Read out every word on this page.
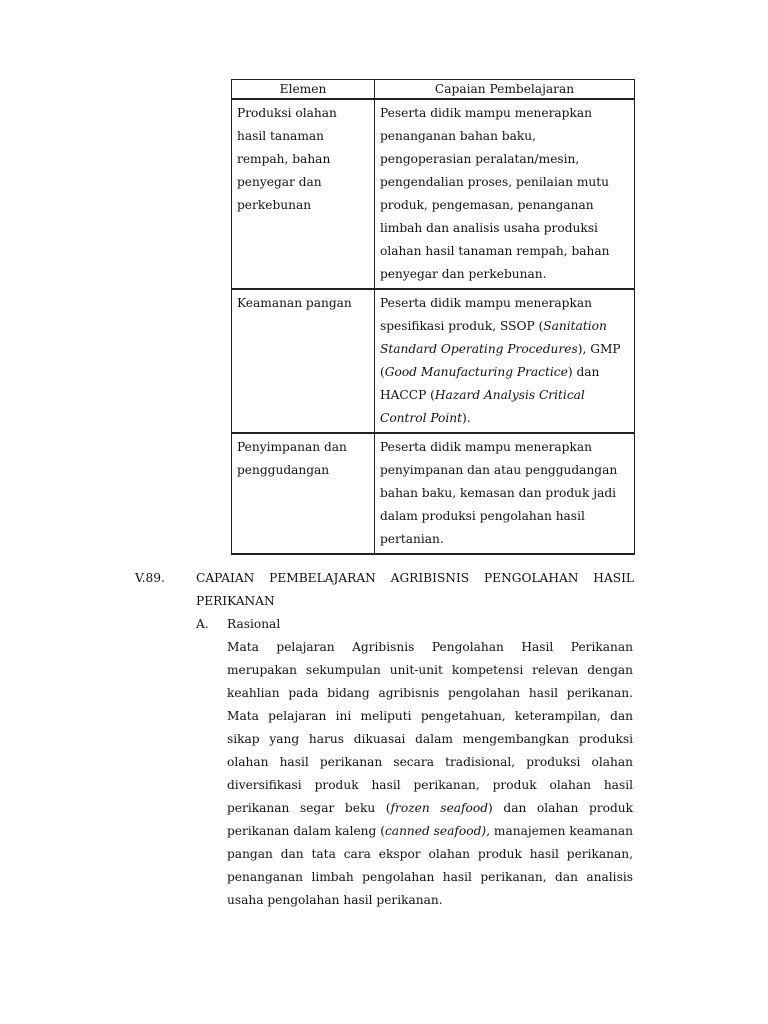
Elemen	Capaian Pembelajaran
Produksi olahan hasil tanaman rempah, bahan penyegar dan perkebunan	Peserta didik mampu menerapkan penanganan bahan baku, pengoperasian peralatan/mesin, pengendalian proses, penilaian mutu produk, pengemasan, penanganan limbah dan analisis usaha produksi olahan hasil tanaman rempah, bahan penyegar dan perkebunan.
Keamanan pangan	Peserta didik mampu menerapkan spesifikasi produk, SSOP (Sanitation Standard Operating Procedures), GMP (Good Manufacturing Practice) dan HACCP (Hazard Analysis Critical Control Point).
Penyimpanan dan penggudangan	Peserta didik mampu menerapkan penyimpanan dan atau penggudangan bahan baku, kemasan dan produk jadi dalam produksi pengolahan hasil pertanian.
V.89.	CAPAIAN PEMBELAJARAN AGRIBISNIS PENGOLAHAN HASIL PERIKANAN
A. Rasional

Mata pelajaran Agribisnis Pengolahan Hasil Perikanan merupakan sekumpulan unit-unit kompetensi relevan dengan keahlian pada bidang agribisnis pengolahan hasil perikanan. Mata pelajaran ini meliputi pengetahuan, keterampilan, dan sikap yang harus dikuasai dalam mengembangkan produksi olahan hasil perikanan secara tradisional, produksi olahan diversifikasi produk hasil perikanan, produk olahan hasil perikanan segar beku (frozen seafood) dan olahan produk perikanan dalam kaleng (canned seafood), manajemen keamanan pangan dan tata cara ekspor olahan produk hasil perikanan, penanganan limbah pengolahan hasil perikanan, dan analisis usaha pengolahan hasil perikanan.
